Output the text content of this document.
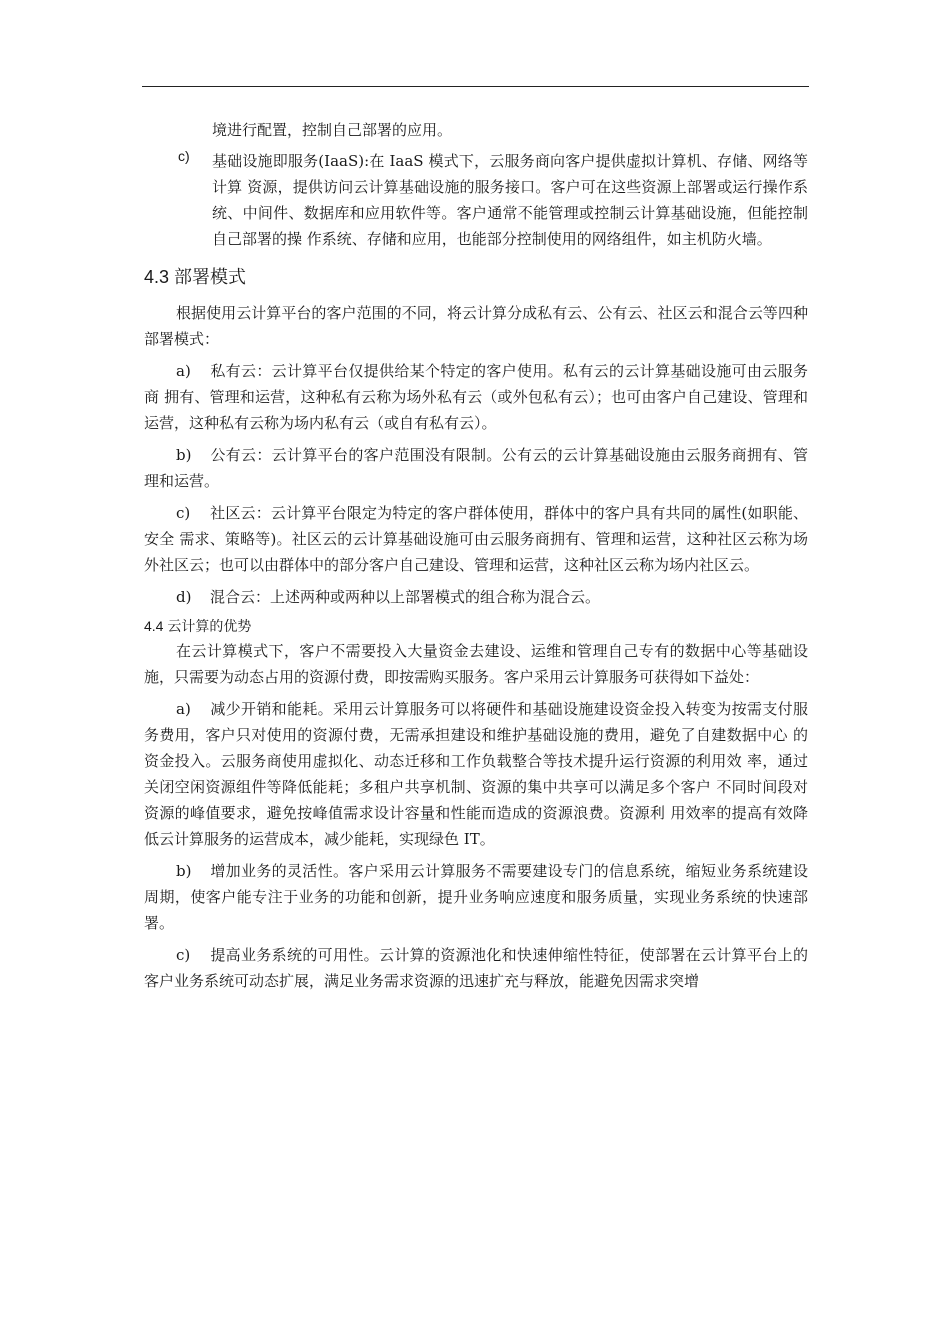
境进行配置，控制自己部署的应用。

c) 基础设施即服务(IaaS):在 IaaS 模式下，云服务商向客户提供虚拟计算机、存储、网络等计算 资源，提供访问云计算基础设施的服务接口。客户可在这些资源上部署或运行操作系统、中间件、数据库和应用软件等。客户通常不能管理或控制云计算基础设施，但能控制自己部署的操 作系统、存储和应用，也能部分控制使用的网络组件，如主机防火墙。

4.3 部署模式

根据使用云计算平台的客户范围的不同，将云计算分成私有云、公有云、社区云和混合云等四种部署模式：

a) 私有云：云计算平台仅提供给某个特定的客户使用。私有云的云计算基础设施可由云服务商 拥有、管理和运营，这种私有云称为场外私有云（或外包私有云）；也可由客户自己建设、管理和运营，这种私有云称为场内私有云（或自有私有云）。

b) 公有云：云计算平台的客户范围没有限制。公有云的云计算基础设施由云服务商拥有、管理和运营。

c) 社区云：云计算平台限定为特定的客户群体使用，群体中的客户具有共同的属性(如职能、安全 需求、策略等)。社区云的云计算基础设施可由云服务商拥有、管理和运营，这种社区云称为场 外社区云；也可以由群体中的部分客户自己建设、管理和运营，这种社区云称为场内社区云。

d) 混合云：上述两种或两种以上部署模式的组合称为混合云。

4.4 云计算的优势

在云计算模式下，客户不需要投入大量资金去建设、运维和管理自己专有的数据中心等基础设施，只需要为动态占用的资源付费，即按需购买服务。客户采用云计算服务可获得如下益处：

a) 减少开销和能耗。采用云计算服务可以将硬件和基础设施建设资金投入转变为按需支付服务费用，客户只对使用的资源付费，无需承担建设和维护基础设施的费用，避免了自建数据中心 的资金投入。云服务商使用虚拟化、动态迁移和工作负载整合等技术提升运行资源的利用效 率，通过关闭空闲资源组件等降低能耗；多租户共享机制、资源的集中共享可以满足多个客户 不同时间段对资源的峰值要求，避免按峰值需求设计容量和性能而造成的资源浪费。资源利 用效率的提高有效降低云计算服务的运营成本，减少能耗，实现绿色 IT。

b) 增加业务的灵活性。客户采用云计算服务不需要建设专门的信息系统，缩短业务系统建设周期，使客户能专注于业务的功能和创新，提升业务响应速度和服务质量，实现业务系统的快速部署。

c) 提高业务系统的可用性。云计算的资源池化和快速伸缩性特征，使部署在云计算平台上的客户业务系统可动态扩展，满足业务需求资源的迅速扩充与释放，能避免因需求突增
